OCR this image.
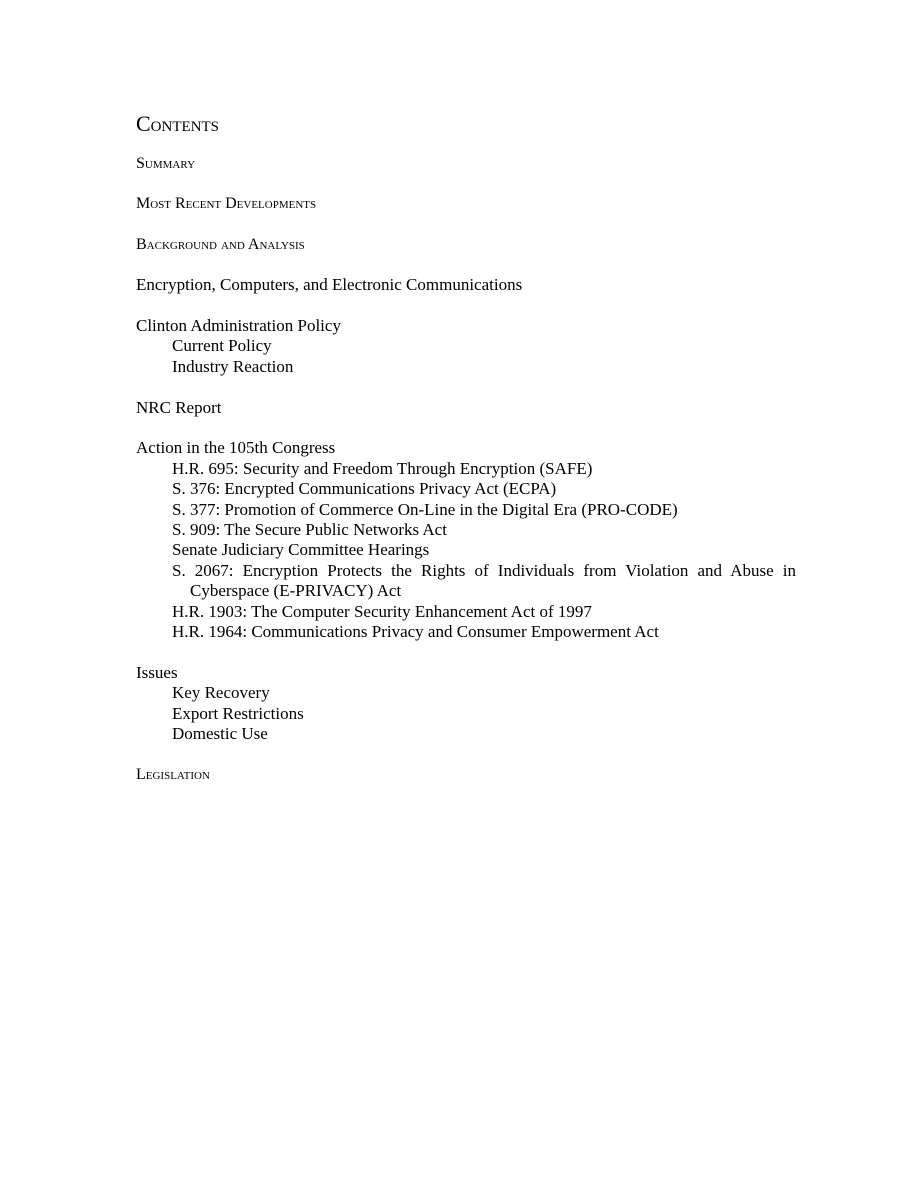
Contents
Summary
Most Recent Developments
Background and Analysis
Encryption, Computers, and Electronic Communications
Clinton Administration Policy
Current Policy
Industry Reaction
NRC Report
Action in the 105th Congress
H.R. 695: Security and Freedom Through Encryption (SAFE)
S. 376: Encrypted Communications Privacy Act (ECPA)
S. 377: Promotion of Commerce On-Line in the Digital Era (PRO-CODE)
S. 909: The Secure Public Networks Act
Senate Judiciary Committee Hearings
S. 2067: Encryption Protects the Rights of Individuals from Violation and Abuse in Cyberspace (E-PRIVACY) Act
H.R. 1903: The Computer Security Enhancement Act of 1997
H.R. 1964: Communications Privacy and Consumer Empowerment Act
Issues
Key Recovery
Export Restrictions
Domestic Use
Legislation
